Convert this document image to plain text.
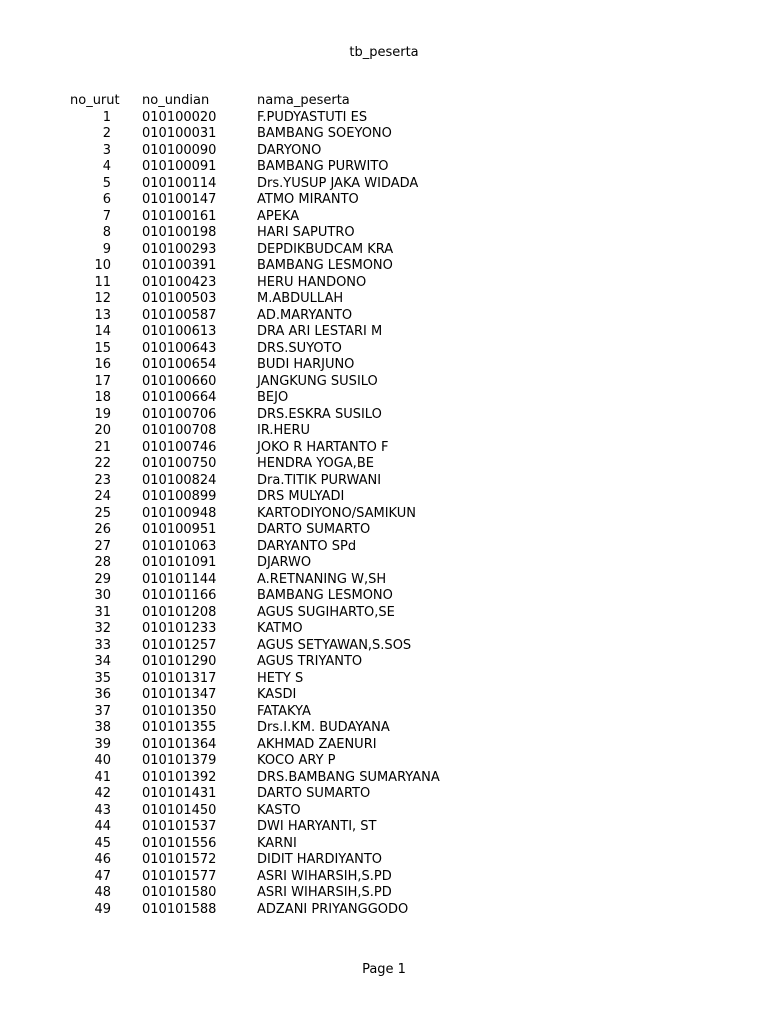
tb_peserta
no_urut no_undian	nama_peserta
1 010100020	F.PUDYASTUTI ES
2 010100031	BAMBANG SOEYONO
3 010100090	DARYONO
4 010100091	BAMBANG PURWITO
5 010100114	Drs.YUSUP JAKA WIDADA
6 010100147	ATMO MIRANTO
7 010100161	APEKA
8 010100198	HARI SAPUTRO
9 010100293	DEPDIKBUDCAM KRA
10 010100391	BAMBANG LESMONO
11 010100423	HERU HANDONO
12 010100503	M.ABDULLAH
13 010100587	AD.MARYANTO
14 010100613	DRA ARI LESTARI M
15 010100643	DRS.SUYOTO
16 010100654	BUDI HARJUNO
17 010100660	JANGKUNG SUSILO
18 010100664	BEJO
19 010100706	DRS.ESKRA SUSILO
20 010100708	IR.HERU
21 010100746	JOKO R HARTANTO F
22 010100750	HENDRA YOGA,BE
23 010100824	Dra.TITIK PURWANI
24 010100899	DRS MULYADI
25 010100948	KARTODIYONO/SAMIKUN
26 010100951	DARTO SUMARTO
27 010101063	DARYANTO SPd
28 010101091	DJARWO
29 010101144	A.RETNANING W,SH
30 010101166	BAMBANG LESMONO
31 010101208	AGUS SUGIHARTO,SE
32 010101233	KATMO
33 010101257	AGUS SETYAWAN,S.SOS
34 010101290	AGUS TRIYANTO
35 010101317	HETY S
36 010101347	KASDI
37 010101350	FATAKYA
38 010101355	Drs.I.KM. BUDAYANA
39 010101364	AKHMAD ZAENURI
40 010101379	KOCO ARY P
41 010101392	DRS.BAMBANG SUMARYANA
42 010101431	DARTO SUMARTO
43 010101450	KASTO
44 010101537	DWI HARYANTI, ST
45 010101556	KARNI
46 010101572	DIDIT HARDIYANTO
47 010101577	ASRI WIHARSIH,S.PD
48 010101580	ASRI WIHARSIH,S.PD
49 010101588	ADZANI PRIYANGGODO
Page 1
